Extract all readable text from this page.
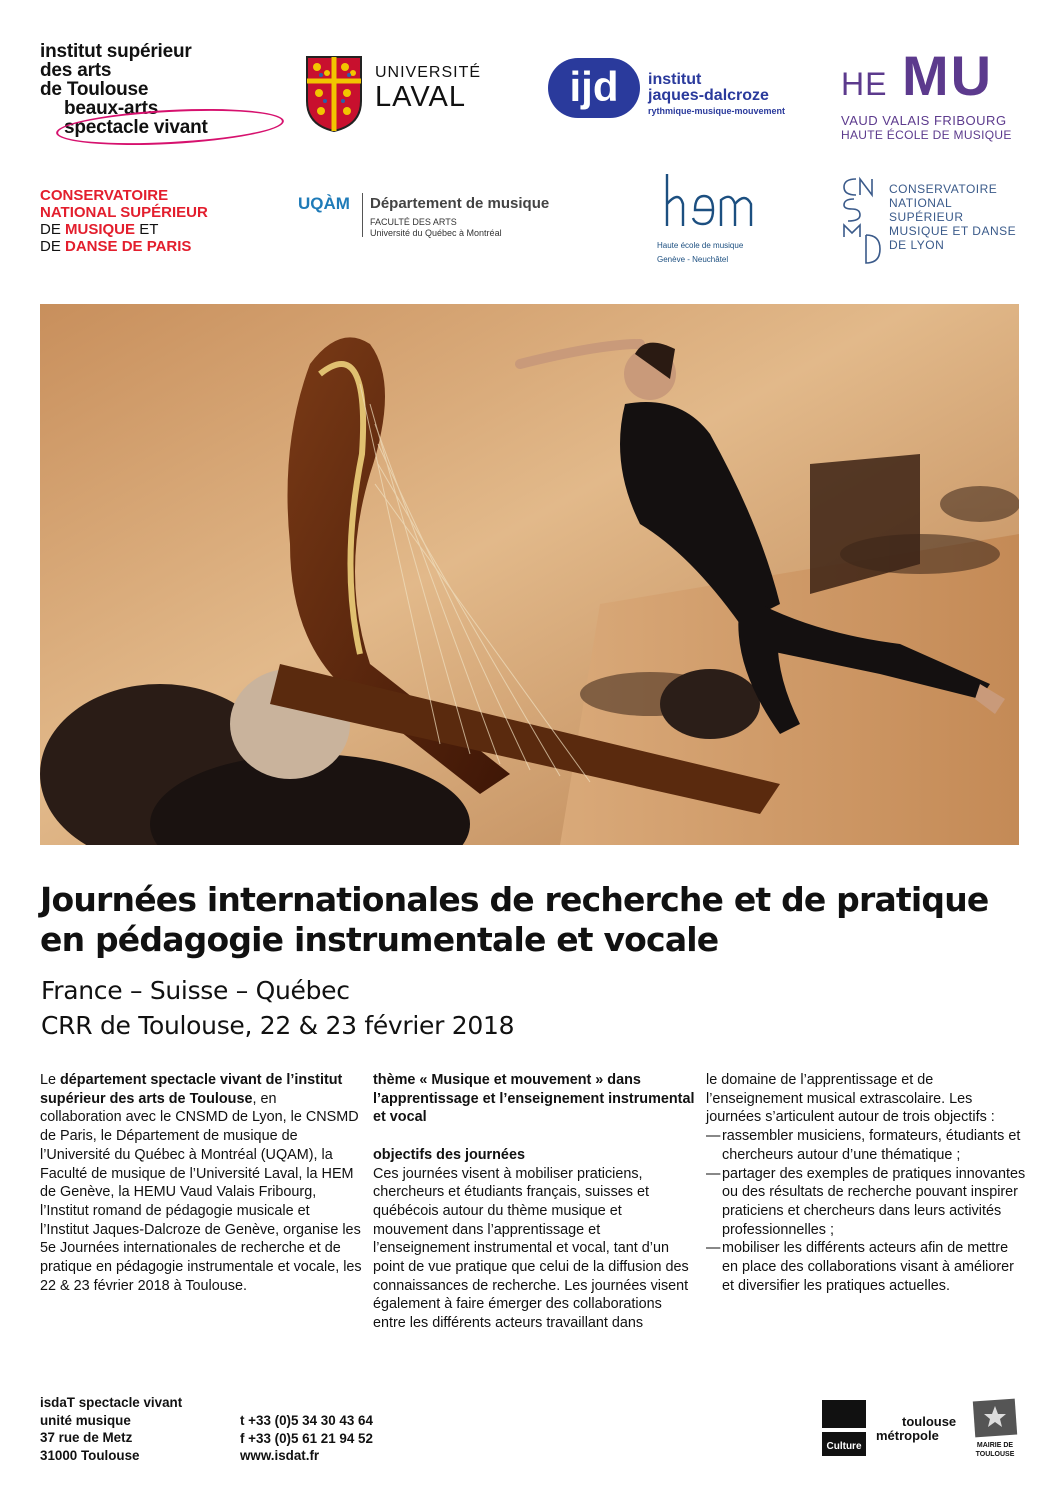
institut supérieur
des arts
de Toulouse
beaux-arts
spectacle vivant
UNIVERSITÉ
LAVAL	ijd	institut
jaques-dalcroze
rythmique-musique-mouvement
HE MU
VAUD VALAIS FRIBOURG
HAUTE ÉCOLE DE MUSIQUE
CONSERVATOIRE
NATIONAL SUPÉRIEUR
DE MUSIQUE ET
DE DANSE DE PARIS
UQÀM Département de musique
FACULTÉ DES ARTS
Université du Québec à Montréal
Haute école de musique
Genève - Neuchâtel
CONSERVATOIRE
NATIONAL
SUPÉRIEUR
MUSIQUE ET DANSE
DE LYON
Journées internationales de recherche et de pratique en pédagogie instrumentale et vocale
France – Suisse – Québec
CRR de Toulouse, 22 & 23 février 2018

Le département spectacle vivant de l’institut supérieur des arts de Toulouse, en collaboration avec le CNSMD de Lyon, le CNSMD de Paris, le Département de musique de l’Université du Québec à Montréal (UQAM), la Faculté de musique de l’Université Laval, la HEM de Genève, la HEMU Vaud Valais Fribourg, l’Institut romand de pédagogie musicale et l’Institut Jaques-Dalcroze de Genève, organise les 5e Journées internationales de recherche et de pratique en pédagogie instrumentale et vocale, les 22 & 23 février 2018 à Toulouse.

thème « Musique et mouvement » dans l’apprentissage et l’enseignement instrumental et vocal

objectifs des journées

Ces journées visent à mobiliser praticiens, chercheurs et étudiants français, suisses et québécois autour du thème musique et mouvement dans l’apprentissage et l’enseignement instrumental et vocal, tant d’un point de vue pratique que celui de la diffusion des connaissances de recherche. Les journées visent également à faire émerger des collaborations entre les différents acteurs travaillant dans

le domaine de l’apprentissage et de l’enseignement musical extrascolaire. Les journées s’articulent autour de trois objectifs :

— rassembler musiciens, formateurs, étudiants et chercheurs autour d’une thématique ;
— partager des exemples de pratiques innovantes ou des résultats de recherche pouvant inspirer praticiens et chercheurs dans leurs activités professionnelles ;
— mobiliser les différents acteurs afin de mettre en place des collaborations visant à améliorer et diversifier les pratiques actuelles.
isdaT spectacle vivant
unité musique
37 rue de Metz
31000 Toulouse
t +33 (0)5 34 30 43 64
f +33 (0)5 61 21 94 52
www.isdat.fr
Culture
toulouse
métropole
MAIRIE DE
TOULOUSE
